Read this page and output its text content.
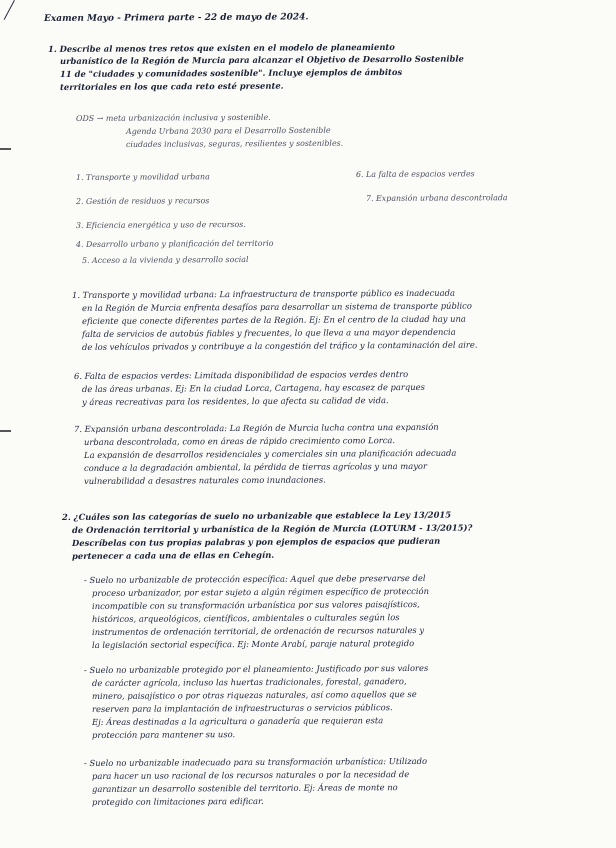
Examen Mayo - Primera parte - 22 de mayo de 2024.
1. Describe al menos tres retos que existen en el modelo de planeamiento
urbanístico de la Región de Murcia para alcanzar el Objetivo de Desarrollo Sostenible
11 de "ciudades y comunidades sostenible". Incluye ejemplos de ámbitos
territoriales en los que cada reto esté presente.
ODS → meta urbanización inclusiva y sostenible.
Agenda Urbana 2030 para el Desarrollo Sostenible
ciudades inclusivas, seguras, resilientes y sostenibles.
1. Transporte y movilidad urbana
2. Gestión de residuos y recursos
3. Eficiencia energética y uso de recursos.
4. Desarrollo urbano y planificación del territorio
5. Acceso a la vivienda y desarrollo social
6. La falta de espacios verdes
7. Expansión urbana descontrolada
1. Transporte y movilidad urbana: La infraestructura de transporte público es inadecuada
en la Región de Murcia enfrenta desafíos para desarrollar un sistema de transporte público
eficiente que conecte diferentes partes de la Región. Ej: En el centro de la ciudad hay una
falta de servicios de autobús fiables y frecuentes, lo que lleva a una mayor dependencia
de los vehículos privados y contribuye a la congestión del tráfico y la contaminación del aire.
6. Falta de espacios verdes: Limitada disponibilidad de espacios verdes dentro
de las áreas urbanas. Ej: En la ciudad Lorca, Cartagena, hay escasez de parques
y áreas recreativas para los residentes, lo que afecta su calidad de vida.
7. Expansión urbana descontrolada: La Región de Murcia lucha contra una expansión
urbana descontrolada, como en áreas de rápido crecimiento como Lorca.
La expansión de desarrollos residenciales y comerciales sin una planificación adecuada
conduce a la degradación ambiental, la pérdida de tierras agrícolas y una mayor
vulnerabilidad a desastres naturales como inundaciones.
2. ¿Cuáles son las categorías de suelo no urbanizable que establece la Ley 13/2015
de Ordenación territorial y urbanística de la Región de Murcia (LOTURM - 13/2015)?
Descríbelas con tus propias palabras y pon ejemplos de espacios que pudieran
pertenecer a cada una de ellas en Cehegín.
- Suelo no urbanizable de protección específica: Aquel que debe preservarse del
proceso urbanizador, por estar sujeto a algún régimen específico de protección
incompatible con su transformación urbanística por sus valores paisajísticos,
históricos, arqueológicos, científicos, ambientales o culturales según los
instrumentos de ordenación territorial, de ordenación de recursos naturales y
la legislación sectorial específica. Ej: Monte Arabí, paraje natural protegido
- Suelo no urbanizable protegido por el planeamiento: Justificado por sus valores
de carácter agrícola, incluso las huertas tradicionales, forestal, ganadero,
minero, paisajístico o por otras riquezas naturales, así como aquellos que se
reserven para la implantación de infraestructuras o servicios públicos.
Ej: Áreas destinadas a la agricultura o ganadería que requieran esta
protección para mantener su uso.
- Suelo no urbanizable inadecuado para su transformación urbanística: Utilizado
para hacer un uso racional de los recursos naturales o por la necesidad de
garantizar un desarrollo sostenible del territorio. Ej: Áreas de monte no
protegido con limitaciones para edificar.
